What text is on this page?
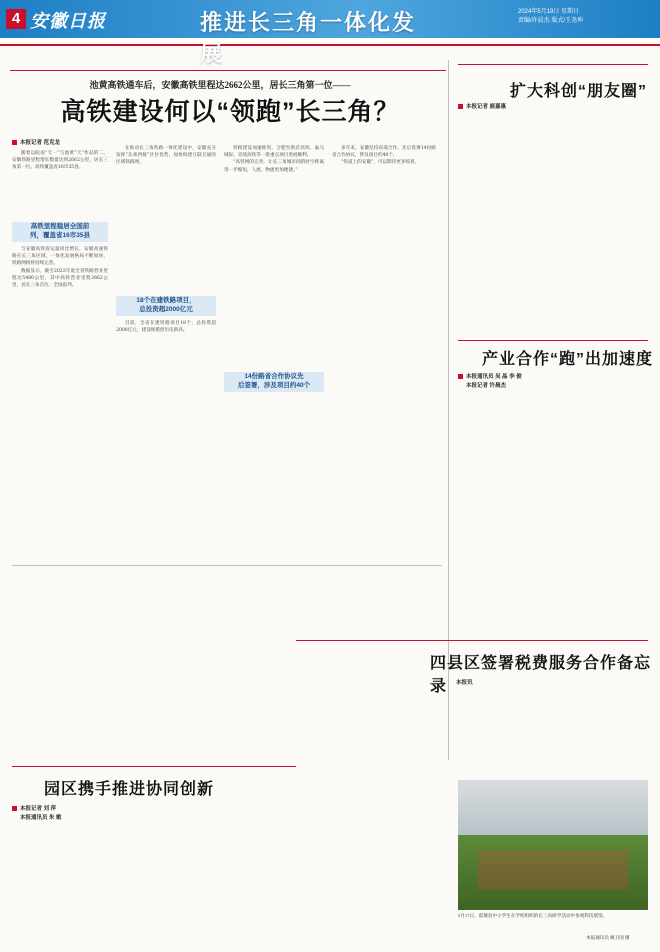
4 安徽日报	推进长三角一体化发展
2024年5月19日 星期日
责编/许晨杰 版式/王尧坤
池黄高铁通车后，安徽高铁里程达2662公里，居长三角第一位——
高铁建设何以“领跑”长三角？
本报记者 范克龙
高铁里程稳居全国前
列，覆盖省16市35县

随着以皖南“天一”与池黄“天”作品的二，安徽铁路里程增长数量达到2662公里，居长三角第一位。高铁覆盖省16市35县。

与安徽高铁客运量同比增长，安徽高速铁路在长三角区域，一体化发展格局不断加快，铁路网络将持续完善。

数据显示，截至2023年底全省铁路营业里程达5480公里，其中高铁营业里程2662公里，居长三角首位、全国前列。

18个在建铁路项目，
总投资超2000亿元

在推动长三角铁路一体化建设中，安徽充分发挥“东承西接”区位优势，加快构建互联互通的区域铁路网。

目前，全省在建铁路项目18个，总投资超2000亿元，建设规模创历史新高。

铁路建设加速推进，合肥至新沂高铁、巢马城际、宣绩高铁等一批重点项目进展顺利。

“高铁网的完善，让长三角城市间的时空距离进一步缩短，人流、物流更加便捷。”

14份路省合作协议先
后签署，涉及项目约40个

多年来，安徽坚持省部合作，先后签署14份路省合作协议，涉及项目约40个。

“铁道上的安徽”，可以期待更多惊喜。

扩大科创“朋友圈”
本报记者 鹿嘉惠
产业合作“跑”出加速度
本报通讯员 吴 晶 李 俊
本报记者 许晨杰
四县区签署税费服务合作备忘录	本报讯
园区携手推进协同创新
本报记者 刘 萍
本报通讯员 朱 敏
5月17日，霍城县中小学生在学校组织的长三角研学活动中参观科技展馆。
本报通讯员 姚卫国 摄
